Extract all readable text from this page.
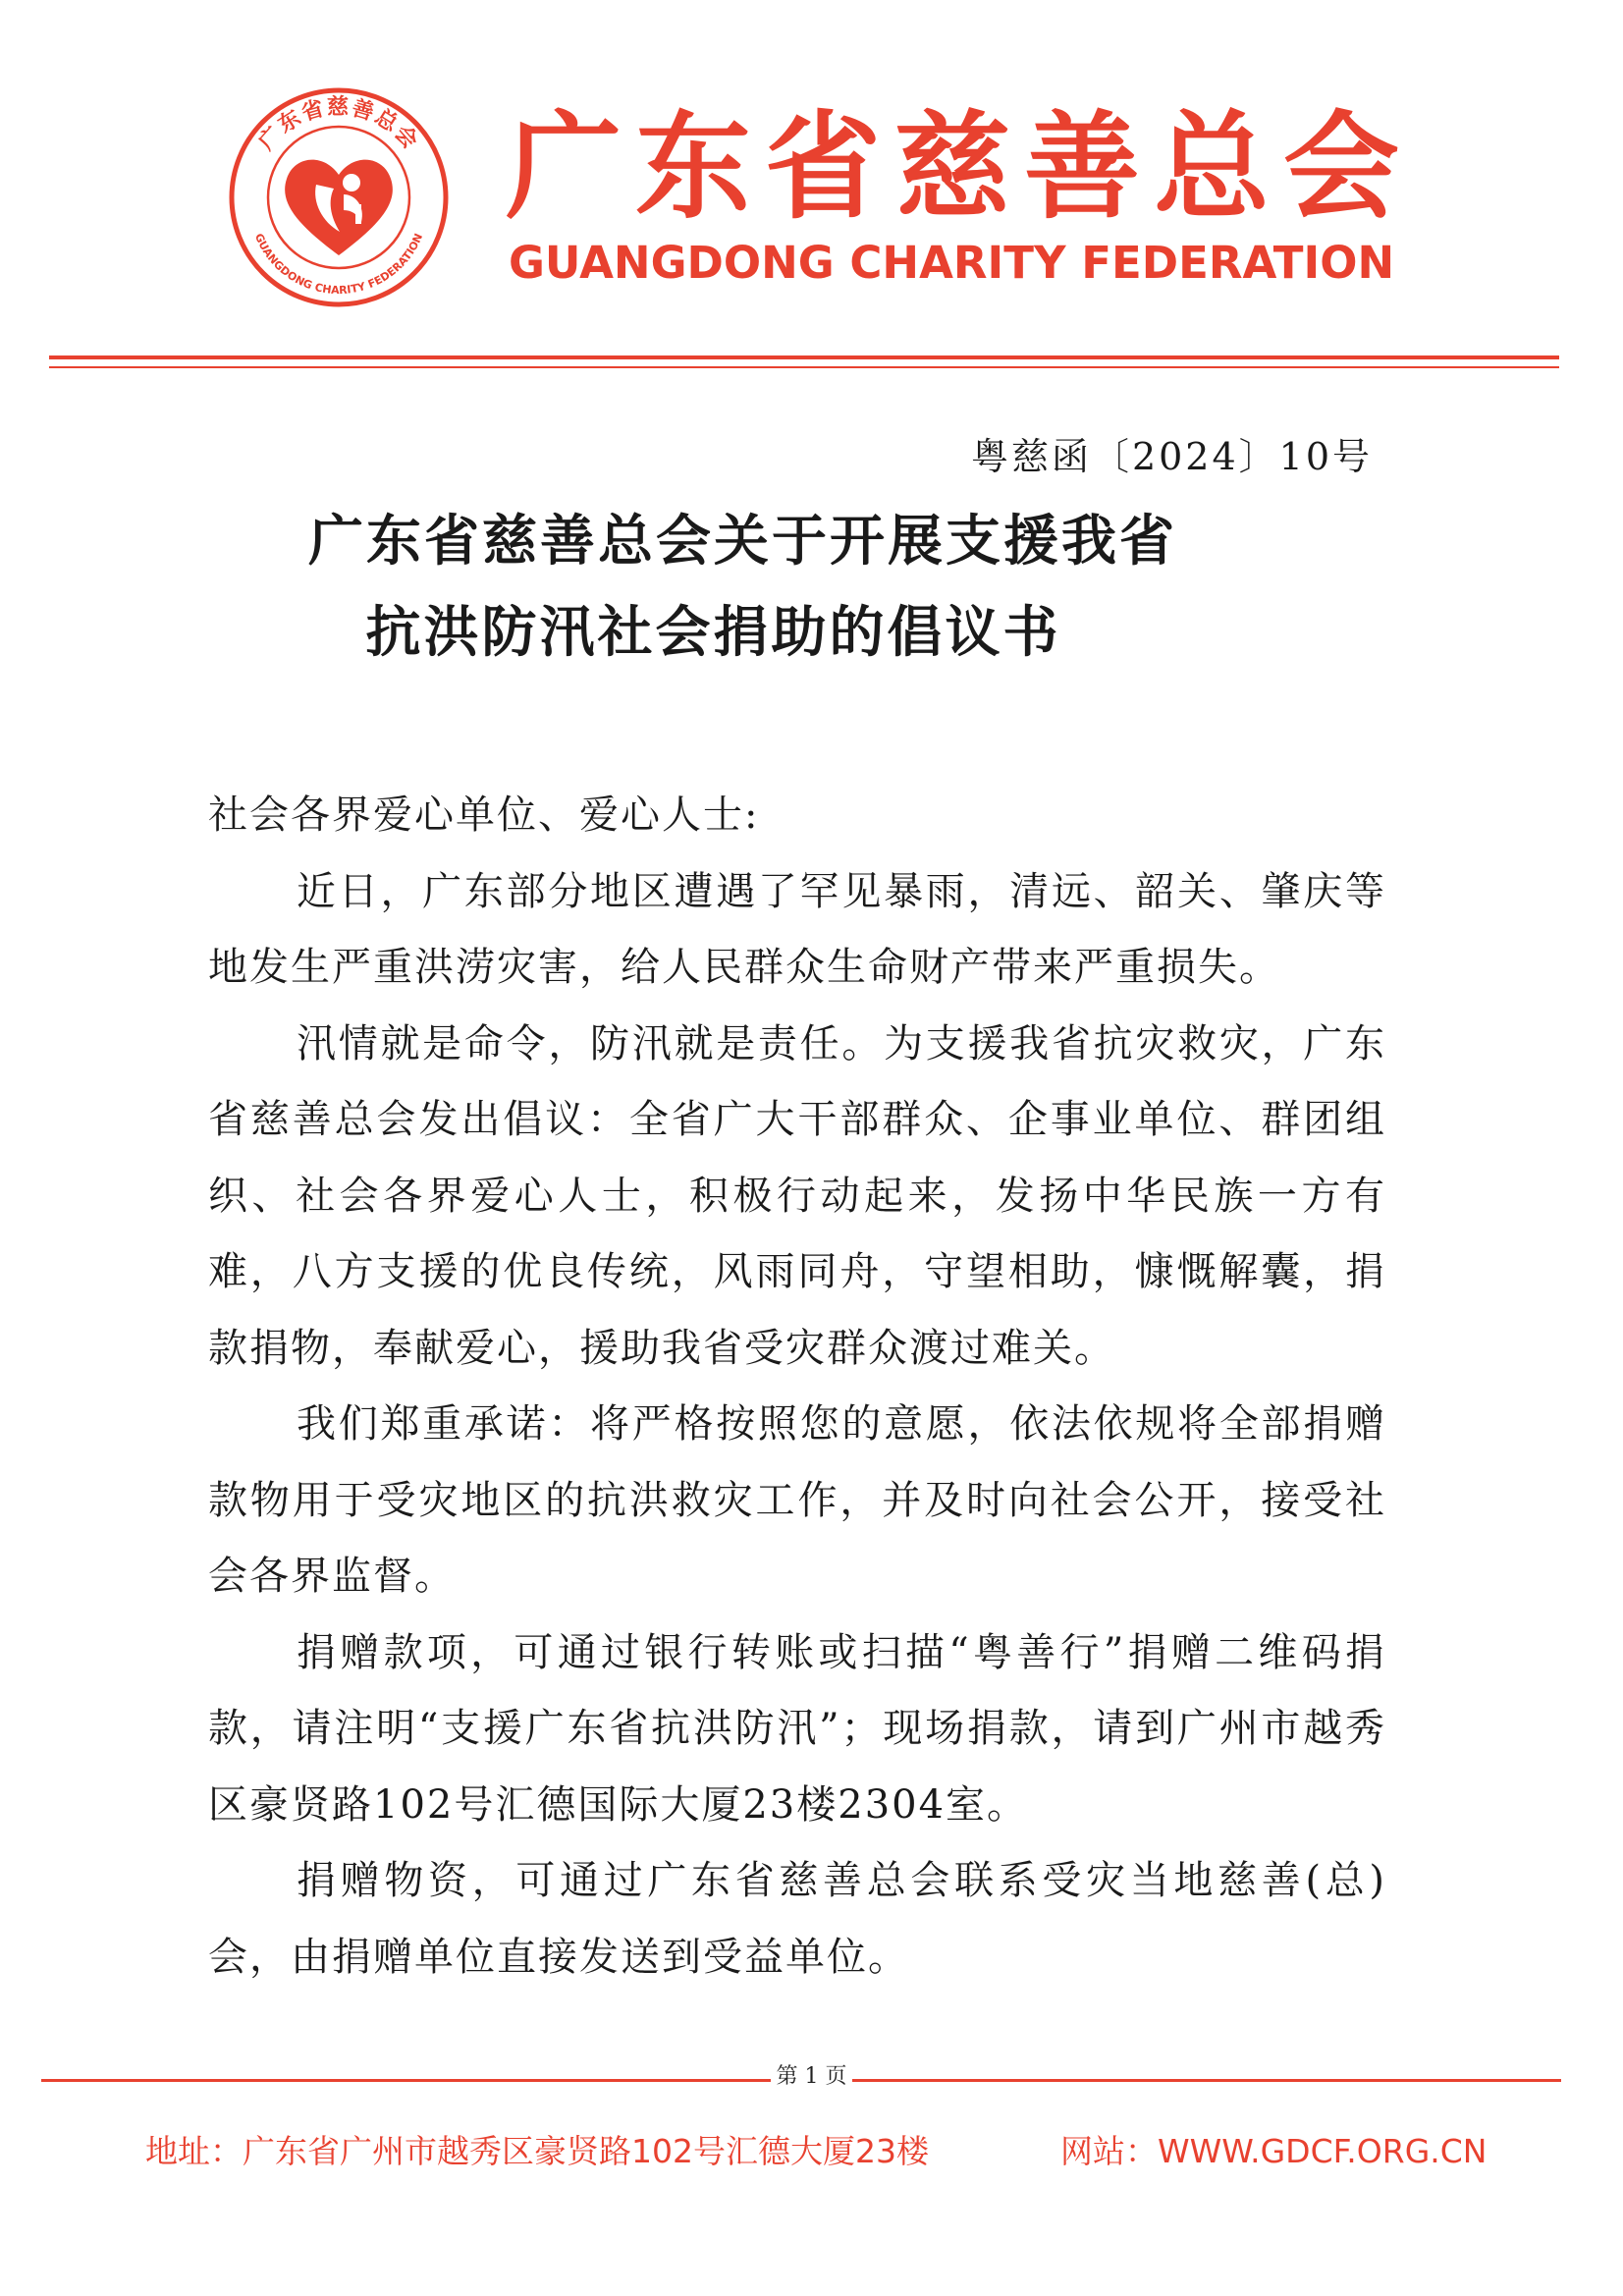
广东省慈善总会
GUANGDONG CHARITY FEDERATION
广东省慈善总会
GUANGDONG CHARITY FEDERATION
粤慈函〔2024〕10号
广东省慈善总会关于开展支援我省
抗洪防汛社会捐助的倡议书

社会各界爱心单位、爱心人士:

近日，广东部分地区遭遇了罕见暴雨，清远、韶关、肇庆等地发生严重洪涝灾害，给人民群众生命财产带来严重损失。

汛情就是命令，防汛就是责任。为支援我省抗灾救灾，广东省慈善总会发出倡议：全省广大干部群众、企事业单位、群团组织、社会各界爱心人士，积极行动起来，发扬中华民族一方有难，八方支援的优良传统，风雨同舟，守望相助，慷慨解囊，捐款捐物，奉献爱心，援助我省受灾群众渡过难关。

我们郑重承诺：将严格按照您的意愿，依法依规将全部捐赠款物用于受灾地区的抗洪救灾工作，并及时向社会公开，接受社会各界监督。

捐赠款项，可通过银行转账或扫描“粤善行”捐赠二维码捐款，请注明“支援广东省抗洪防汛”；现场捐款，请到广州市越秀区豪贤路102号汇德国际大厦23楼2304室。

捐赠物资，可通过广东省慈善总会联系受灾当地慈善(总)会，由捐赠单位直接发送到受益单位。

第 1 页
地址：广东省广州市越秀区豪贤路102号汇德大厦23楼	网站：WWW.GDCF.ORG.CN
